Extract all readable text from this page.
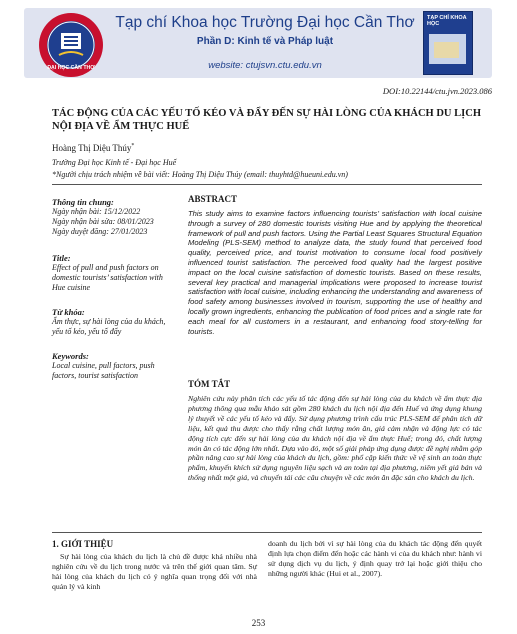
ĐẠI HỌC CẦN THƠ
Tạp chí Khoa học Trường Đại học Cần Thơ
Phần D: Kinh tế và Pháp luật
website: ctujsvn.ctu.edu.vn
TẠP CHÍ KHOA HỌC
DOI:10.22144/ctu.jvn.2023.086
TÁC ĐỘNG CỦA CÁC YẾU TỐ KÉO VÀ ĐẨY ĐẾN SỰ HÀI LÒNG CỦA KHÁCH DU LỊCH NỘI ĐỊA VỀ ẨM THỰC HUẾ
Hoàng Thị Diệu Thúy*
Trường Đại học Kinh tế - Đại học Huế
*Người chịu trách nhiệm về bài viết: Hoàng Thị Diệu Thúy (email: thuyhtd@hueuni.edu.vn)
Thông tin chung:
Ngày nhận bài: 15/12/2022
Ngày nhận bài sửa: 08/01/2023
Ngày duyệt đăng: 27/01/2023
Title:
Effect of pull and push factors on domestic tourists’ satisfaction with Hue cuisine
Từ khóa:
Ẩm thực, sự hài lòng của du khách, yếu tố kéo, yếu tố đẩy
Keywords:
Local cuisine, pull factors, push factors, tourist satisfaction
ABSTRACT
This study aims to examine factors influencing tourists’ satisfaction with local cuisine through a survey of 280 domestic tourists visiting Hue and by applying the theoretical framework of pull and push factors. Using the Partial Least Squares Structural Equation Modeling (PLS-SEM) method to analyze data, the study found that perceived food quality, perceived price, and tourist motivation to consume local food positively influenced tourist satisfaction. The perceived food quality had the largest positive impact on the local cuisine satisfaction of domestic tourists. Based on these results, several key practical and managerial implications were proposed to increase tourist satisfaction with local cuisine, including enhancing the understanding and awareness of food safety among businesses involved in tourism, supporting the use of healthy and locally grown ingredients, enhancing the publication of food prices and a single rate for each meal for all customers in a restaurant, and enhancing food story-telling for tourists.
TÓM TẮT
Nghiên cứu này phân tích các yếu tố tác động đến sự hài lòng của du khách về ẩm thực địa phương thông qua mẫu khảo sát gồm 280 khách du lịch nội địa đến Huế và ứng dụng khung lý thuyết về các yếu tố kéo và đẩy. Sử dụng phương trình cấu trúc PLS-SEM để phân tích dữ liệu, kết quả thu được cho thấy rằng chất lượng món ăn, giá cảm nhận và động lực có tác động tích cực đến sự hài lòng của du khách nội địa về ẩm thực Huế; trong đó, chất lượng món ăn có tác động lớn nhất. Dựa vào đó, một số giải pháp ứng dụng được đề nghị nhằm góp phần nâng cao sự hài lòng của khách du lịch, gồm: phổ cập kiến thức về vệ sinh an toàn thực phẩm, khuyến khích sử dụng nguyên liệu sạch và an toàn tại địa phương, niêm yết giá bán và thống nhất một giá, và chuyển tải các câu chuyện về các món ăn đặc sản cho khách du lịch.
1. GIỚI THIỆU
Sự hài lòng của khách du lịch là chủ đề được khá nhiều nhà nghiên cứu về du lịch trong nước và trên thế giới quan tâm. Sự hài lòng của khách du lịch có ý nghĩa quan trọng đối với nhà quản lý và kinh
doanh du lịch bởi vì sự hài lòng của du khách tác động đến quyết định lựa chọn điểm đến hoặc các hành vi của du khách như: hành vi sử dụng dịch vụ du lịch, ý định quay trở lại hoặc giới thiệu cho những người khác (Hui et al., 2007).
253
